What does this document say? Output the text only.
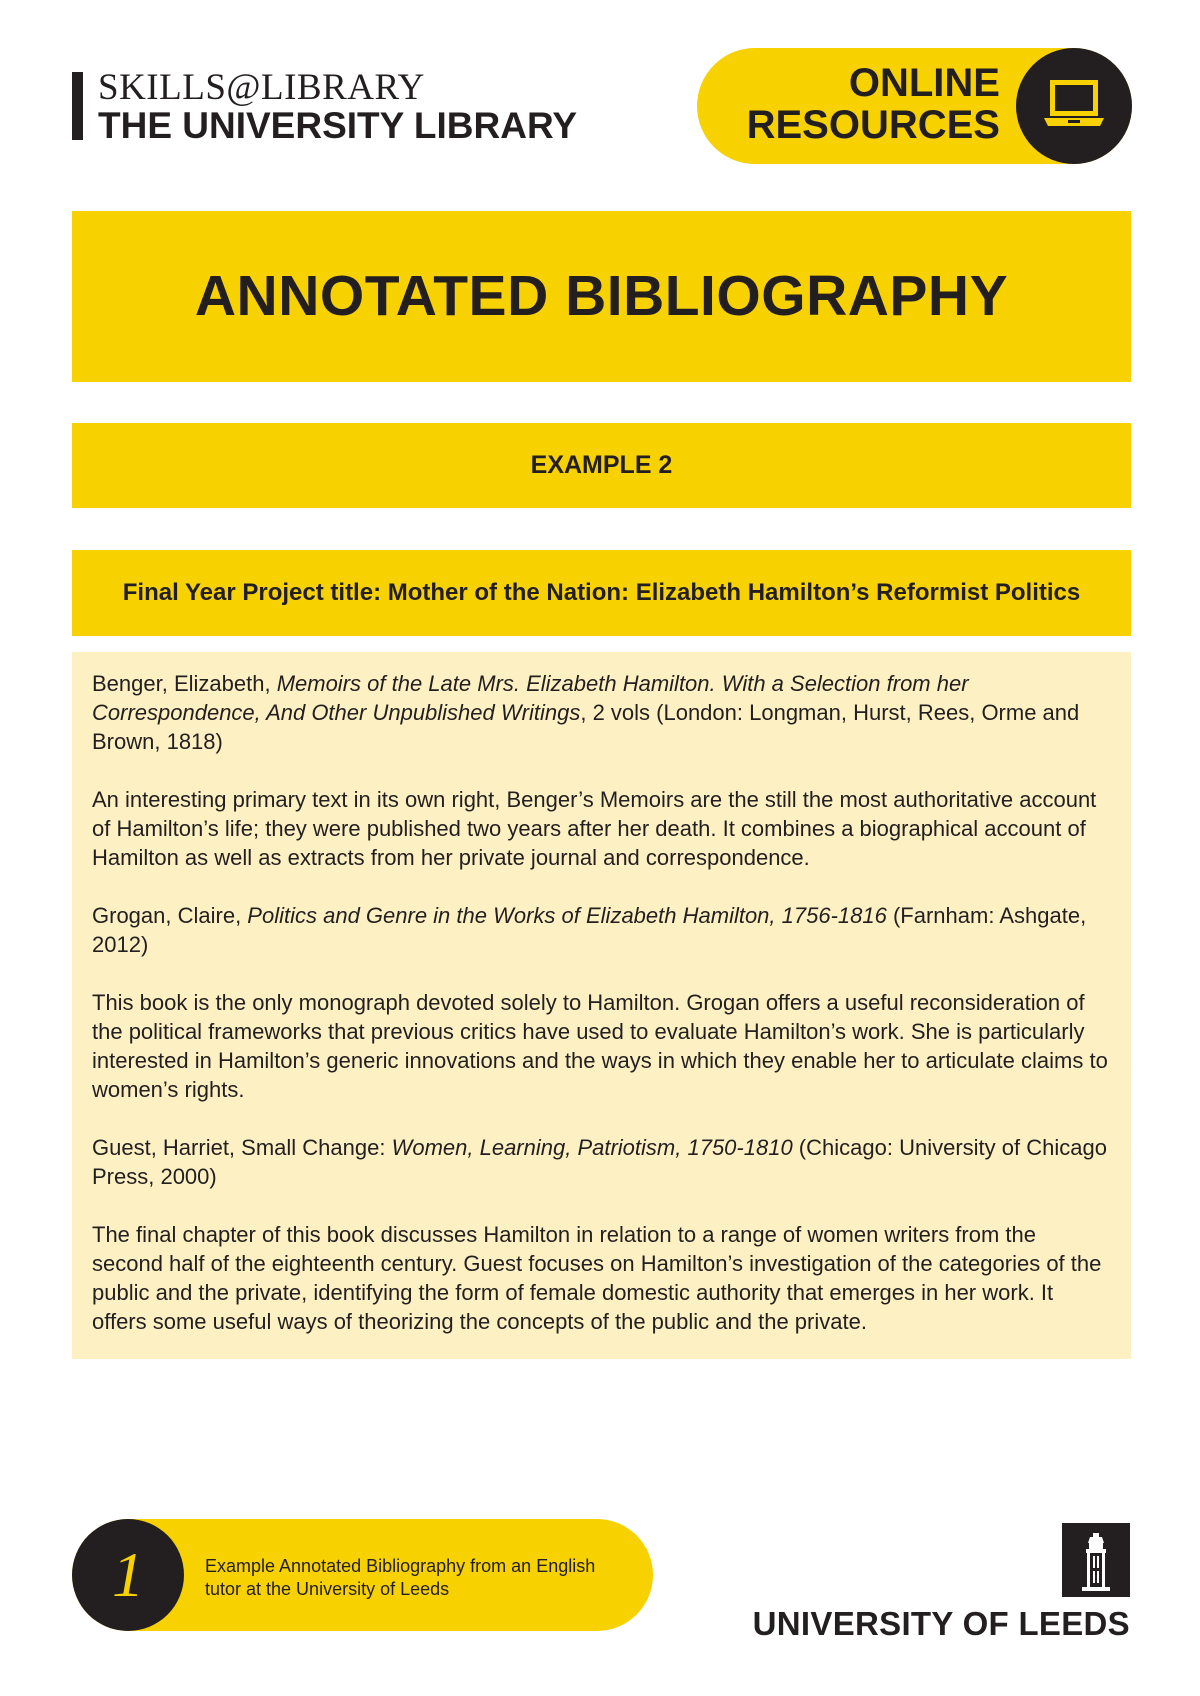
SKILLS@LIBRARY
THE UNIVERSITY LIBRARY
ONLINE
RESOURCES
ANNOTATED BIBLIOGRAPHY
EXAMPLE 2
Final Year Project title: Mother of the Nation: Elizabeth Hamilton’s Reformist Politics

Benger, Elizabeth, Memoirs of the Late Mrs. Elizabeth Hamilton. With a Selection from her Correspondence, And Other Unpublished Writings, 2 vols (London: Longman, Hurst, Rees, Orme and Brown, 1818)

An interesting primary text in its own right, Benger’s Memoirs are the still the most authoritative account of Hamilton’s life; they were published two years after her death. It combines a biographical account of Hamilton as well as extracts from her private journal and correspondence.

Grogan, Claire, Politics and Genre in the Works of Elizabeth Hamilton, 1756-1816 (Farnham: Ashgate, 2012)

This book is the only monograph devoted solely to Hamilton. Grogan offers a useful reconsideration of the political frameworks that previous critics have used to evaluate Hamilton’s work. She is particularly interested in Hamilton’s generic innovations and the ways in which they enable her to articulate claims to women’s rights.

Guest, Harriet, Small Change: Women, Learning, Patriotism, 1750-1810 (Chicago: University of Chicago Press, 2000)

The final chapter of this book discusses Hamilton in relation to a range of women writers from the second half of the eighteenth century. Guest focuses on Hamilton’s investigation of the categories of the public and the private, identifying the form of female domestic authority that emerges in her work. It offers some useful ways of theorizing the concepts of the public and the private.

1	Example Annotated Bibliography from an English tutor at the University of Leeds
UNIVERSITY OF LEEDS
